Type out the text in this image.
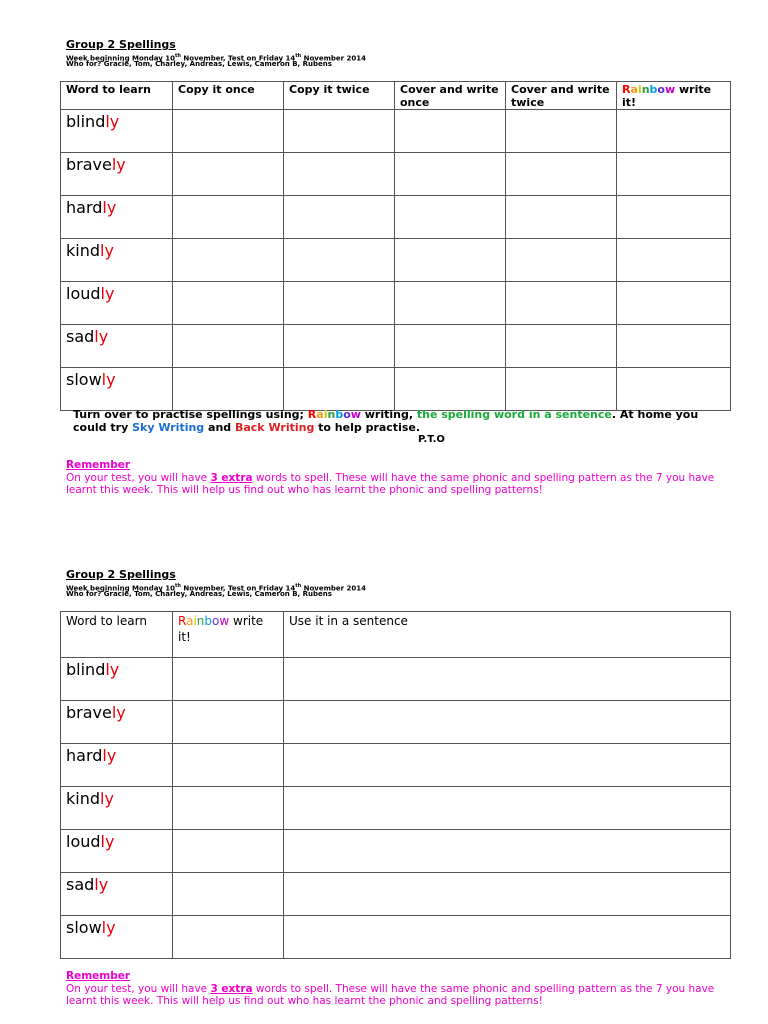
Group 2 Spellings
Week beginning Monday 10th November, Test on Friday 14th November 2014
Who for? Gracie, Tom, Charley, Andreas, Lewis, Cameron B, Rubens
Word to learn	Copy it once	Copy it twice	Cover and write once	Cover and write twice	Rainbow write it!
blindly					
bravely					
hardly					
kindly					
loudly					
sadly					
slowly					
Turn over to practise spellings using; Rainbow writing, the spelling word in a sentence. At home you could try Sky Writing and Back Writing to help practise.
P.T.O
Remember
On your test, you will have 3 extra words to spell. These will have the same phonic and spelling pattern as the 7 you have learnt this week. This will help us find out who has learnt the phonic and spelling patterns!
Group 2 Spellings
Week beginning Monday 10th November, Test on Friday 14th November 2014
Who for? Gracie, Tom, Charley, Andreas, Lewis, Cameron B, Rubens
Word to learn	Rainbow write it!	Use it in a sentence
blindly		
bravely		
hardly		
kindly		
loudly		
sadly		
slowly		
Remember
On your test, you will have 3 extra words to spell. These will have the same phonic and spelling pattern as the 7 you have learnt this week. This will help us find out who has learnt the phonic and spelling patterns!
